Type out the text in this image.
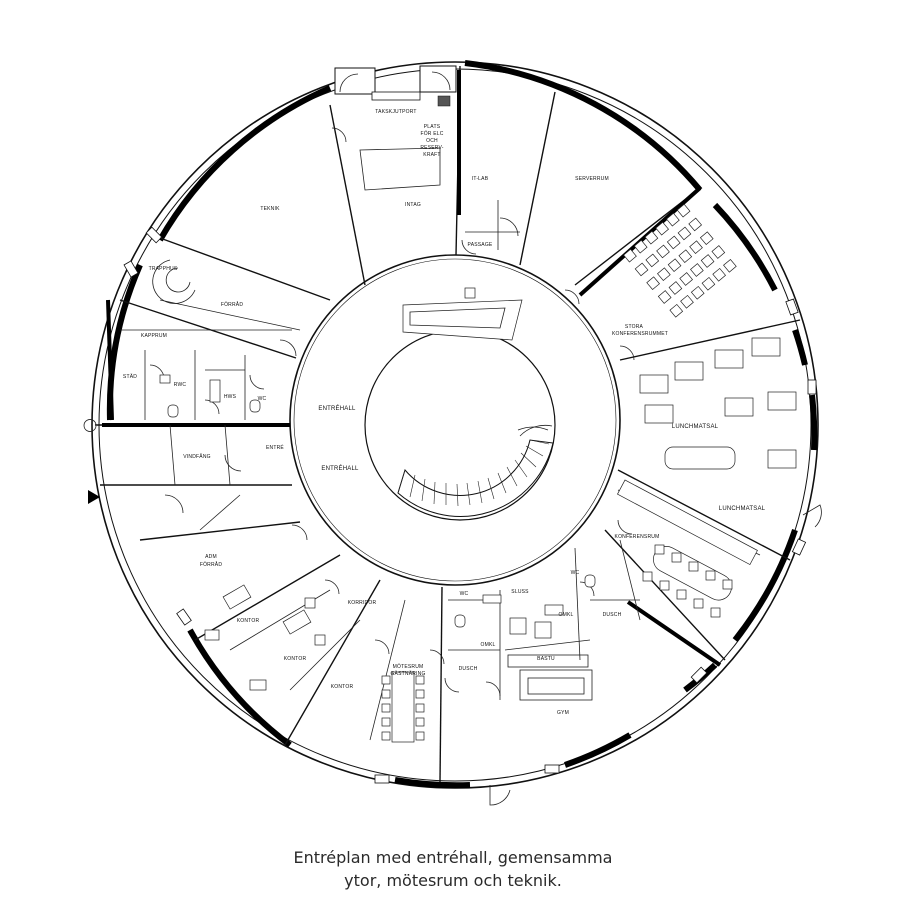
SERVERRUM
TEKNIK
INTAG
IT-LAB
PASSAGE
TAKSKJUTPORT
PLATS
FÖR ELC
OCH
RESERV-
KRAFT
TRAPPHUS
FÖRRÅD
KAPPRUM
STÄD
RWC
WC
HWS
ENTRÉHALL
ENTRÉHALL
ENTRÉ
VINDFÅNG
ADM
FÖRRÅD
KONTOR
KONTOR
KONTOR
KORRIDOR
MÖTESRUM
GÄSTNÄRING
DUSCH
DUSCH
OMKL
OMKL
BASTU
GYM
SLUSS
WC
WC
STORA
KONFERENSRUMMET
LUNCHMATSAL
LUNCHMATSAL
KONFERENSRUM
Entréplan med entréhall, gemensamma
ytor, mötesrum och teknik.
